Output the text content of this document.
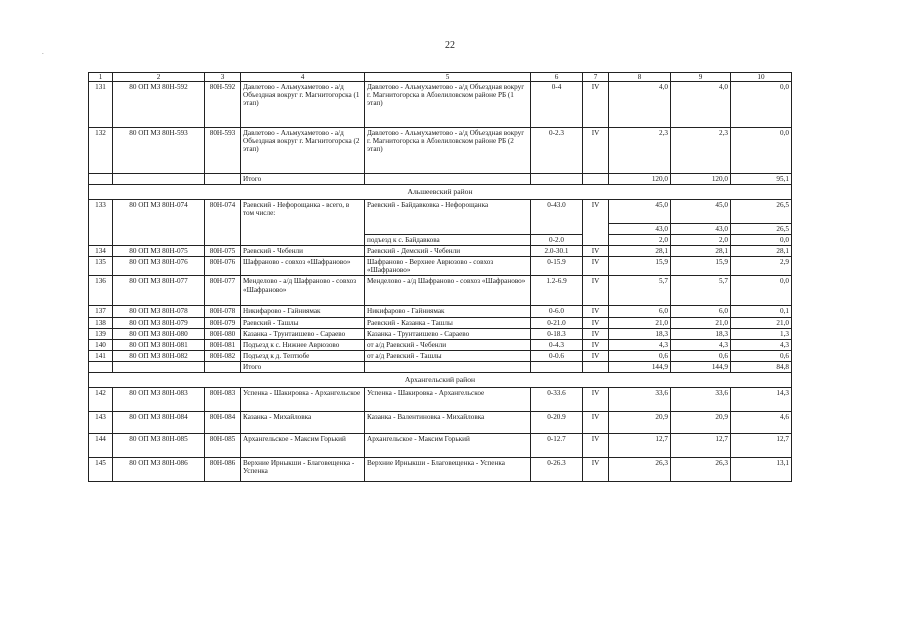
22
.
1	2	3	4	5	6	7	8	9	10
131	80 ОП МЗ 80Н-592	80Н-592	Давлетово - Альмухаметово - а/д Объездная вокруг г. Магнитогорска (1 этап)	Давлетово - Альмухаметово - а/д Объездная вокруг г. Магнитогорска в Абзелиловском районе РБ (1 этап)	0-4	IV	4,0	4,0	0,0
132	80 ОП МЗ 80Н-593	80Н-593	Давлетово - Альмухаметово - а/д Объездная вокруг г. Магнитогорска (2 этап)	Давлетово - Альмухаметово - а/д Объездная вокруг г. Магнитогорска в Абзелиловском районе РБ (2 этап)	0-2.3	IV	2,3	2,3	0,0
			Итого				120,0	120,0	95,1
Альшеевский район									
133	80 ОП МЗ 80Н-074	80Н-074	Раевский - Нефорощанка - всего, в том числе:	Раевский - Байдавковка - Нефорощанка	0-43.0	IV	45,0	45,0	26,5
							43,0	43,0	26,5
				подъезд к с. Байдавкова	0-2.0		2,0	2,0	0,0
134	80 ОП МЗ 80Н-075	80Н-075	Раевский - Чебенли	Раевский - Демский - Чебенли	2.0-30.1	IV	28,1	28,1	28,1
135	80 ОП МЗ 80Н-076	80Н-076	Шафраново - совхоз «Шафраново»	Шафраново - Верхнее Аврюзово - совхоз «Шафраново»	0-15.9	IV	15,9	15,9	2,9
136	80 ОП МЗ 80Н-077	80Н-077	Менделово - а/д Шафраново - совхоз «Шафраново»	Менделово - а/д Шафраново - совхоз «Шафраново»	1.2-6.9	IV	5,7	5,7	0,0
137	80 ОП МЗ 80Н-078	80Н-078	Никифарово - Гайниямак	Никифарово - Гайниямак	0-6.0	IV	6,0	6,0	0,1
138	80 ОП МЗ 80Н-079	80Н-079	Раевский - Ташлы	Раевский - Казанка - Ташлы	0-21.0	IV	21,0	21,0	21,0
139	80 ОП МЗ 80Н-080	80Н-080	Казанка - Трунтаишево - Сараево	Казанка - Трунтаишево - Сарaево	0-18.3	IV	18,3	18,3	1,3
140	80 ОП МЗ 80Н-081	80Н-081	Подъезд к с. Нижнее Аврюзово	от а/д Раевский - Чебенли	0-4.3	IV	4,3	4,3	4,3
141	80 ОП МЗ 80Н-082	80Н-082	Подъезд к д. Тептюбе	от а/д Раевский - Ташлы	0-0.6	IV	0,6	0,6	0,6
			Итого				144,9	144,9	84,8
Архангельский район									
142	80 ОП МЗ 80Н-083	80Н-083	Успенка - Шакировка - Архангельское	Успенка - Шакировка - Архангельское	0-33.6	IV	33,6	33,6	14,3
143	80 ОП МЗ 80Н-084	80Н-084	Казанка - Михайловка	Казанка - Валентиновка - Михайловка	0-20.9	IV	20,9	20,9	4,6
144	80 ОП МЗ 80Н-085	80Н-085	Архангельское - Максим Горький	Архангельское - Максим Горький	0-12.7	IV	12,7	12,7	12,7
145	80 ОП МЗ 80Н-086	80Н-086	Верхние Ирныкши - Благовещенка - Успенка	Верхние Ирныкши - Благовещенка - Успенка	0-26.3	IV	26,3	26,3	13,1
